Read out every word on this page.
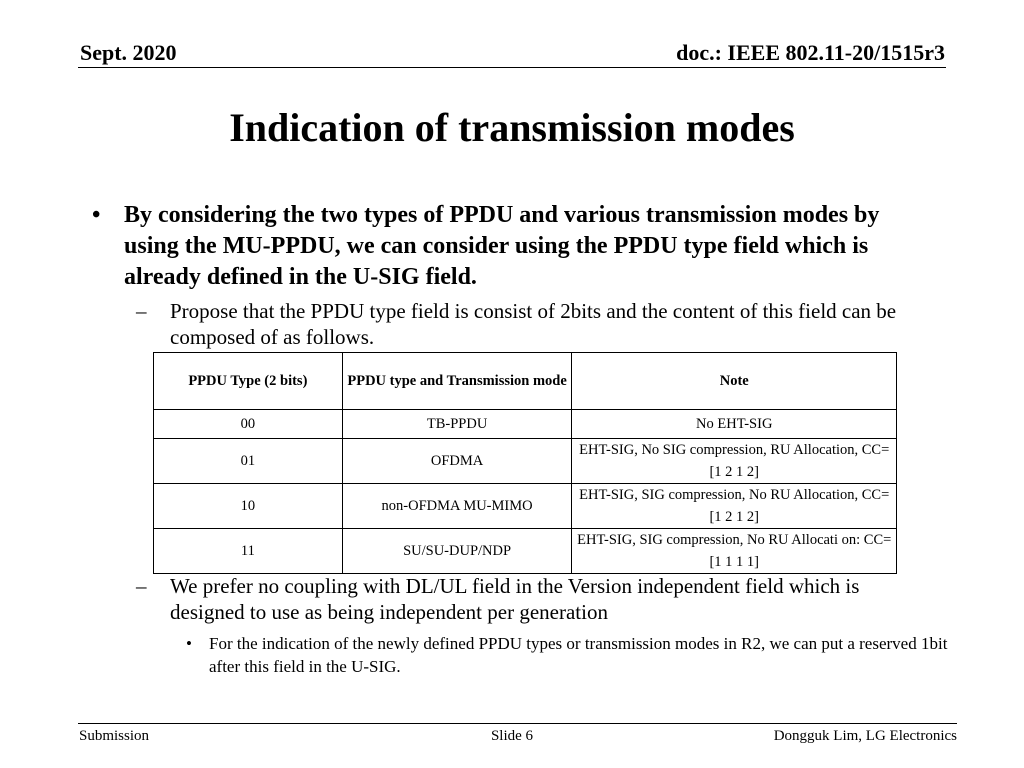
Sept. 2020	doc.: IEEE 802.11-20/1515r3
Indication of transmission modes
• By considering the two types of PPDU and various transmission modes by using the MU-PPDU, we can consider using the PPDU type field which is already defined in the U-SIG field.
– Propose that the PPDU type field is consist of 2bits and the content of this field can be composed of as follows.
PPDU Type (2 bits)	PPDU type and Transmission mode	Note
00	TB-PPDU	No EHT-SIG
01	OFDMA	EHT-SIG, No SIG compression, RU Allocation, CC= [1 2 1 2]
10	non-OFDMA MU-MIMO	EHT-SIG, SIG compression, No RU Allocation, CC= [1 2 1 2]
11	SU/SU-DUP/NDP	EHT-SIG, SIG compression, No RU Allocati on: CC= [1 1 1 1]
– We prefer no coupling with DL/UL field in the Version independent field which is designed to use as being independent per generation
• For the indication of the newly defined PPDU types or transmission modes in R2, we can put a reserved 1bit after this field in the U-SIG.
Submission	Slide 6	Dongguk Lim, LG Electronics
